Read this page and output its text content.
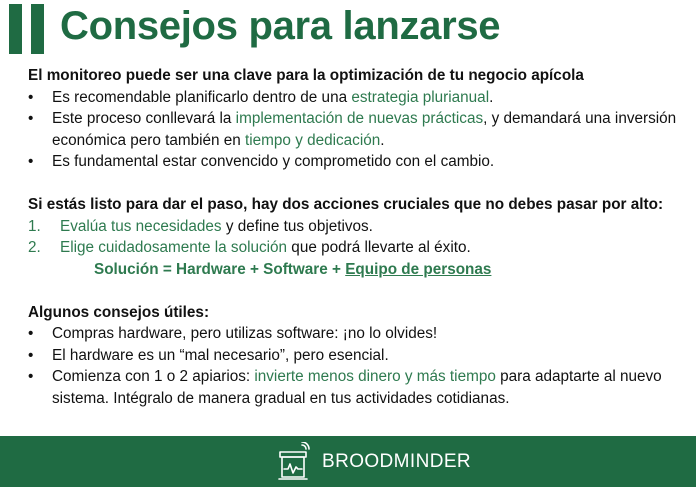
Consejos para lanzarse
El monitoreo puede ser una clave para la optimización de tu negocio apícola
• Es recomendable planificarlo dentro de una estrategia plurianual.
• Este proceso conllevará la implementación de nuevas prácticas, y demandará una inversión económica pero también en tiempo y dedicación.
• Es fundamental estar convencido y comprometido con el cambio.
Si estás listo para dar el paso, hay dos acciones cruciales que no debes pasar por alto:
1. Evalúa tus necesidades y define tus objetivos.
2. Elige cuidadosamente la solución que podrá llevarte al éxito.
Solución = Hardware + Software + Equipo de personas
Algunos consejos útiles:
• Compras hardware, pero utilizas software: ¡no lo olvides!
• El hardware es un “mal necesario”, pero esencial.
• Comienza con 1 o 2 apiarios: invierte menos dinero y más tiempo para adaptarte al nuevo sistema. Intégralo de manera gradual en tus actividades cotidianas.
BROODMINDER
